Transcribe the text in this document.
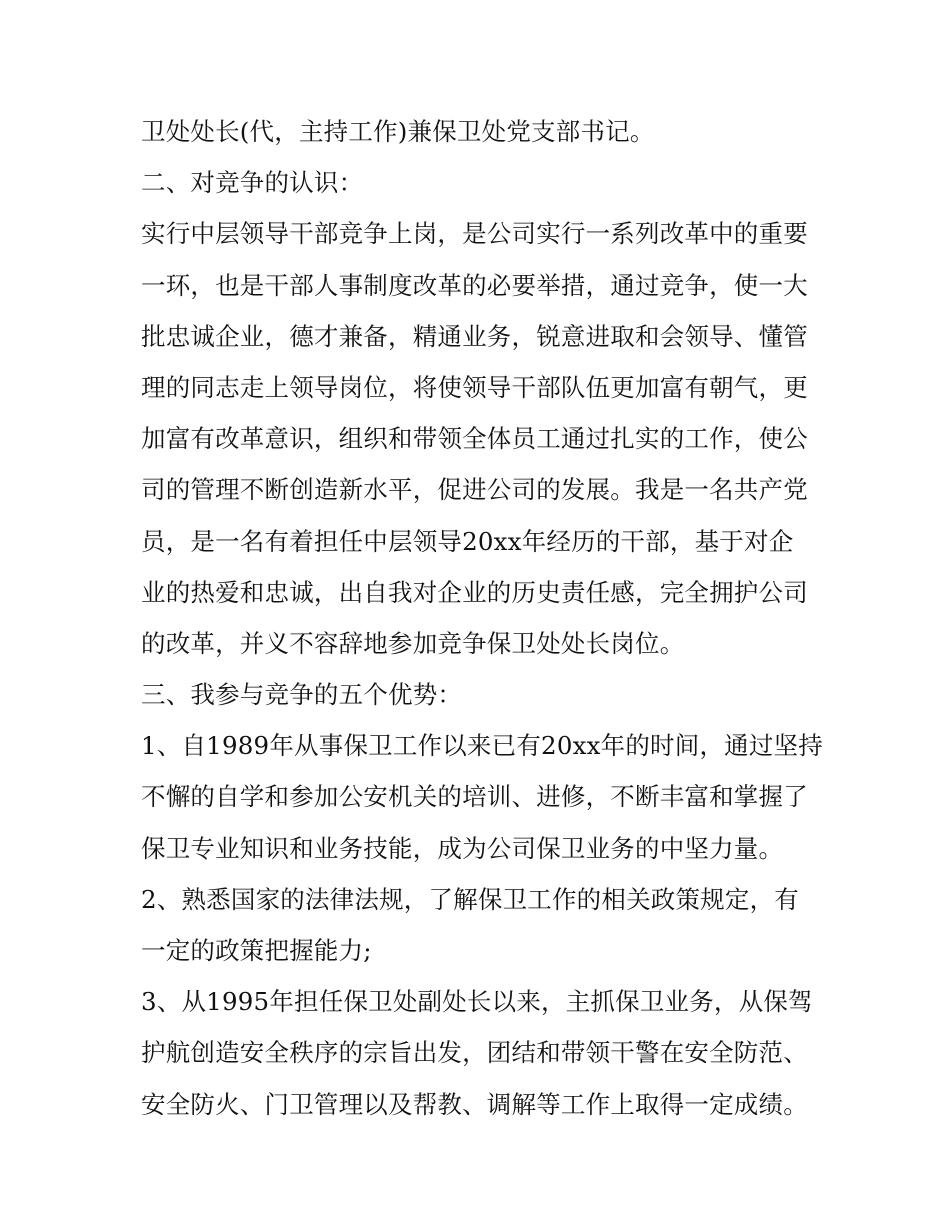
卫处处长(代，主持工作)兼保卫处党支部书记。
二、对竞争的认识：
实行中层领导干部竞争上岗，是公司实行一系列改革中的重要
一环，也是干部人事制度改革的必要举措，通过竞争，使一大
批忠诚企业，德才兼备，精通业务，锐意进取和会领导、懂管
理的同志走上领导岗位，将使领导干部队伍更加富有朝气，更
加富有改革意识，组织和带领全体员工通过扎实的工作，使公
司的管理不断创造新水平，促进公司的发展。我是一名共产党
员，是一名有着担任中层领导20xx年经历的干部，基于对企
业的热爱和忠诚，出自我对企业的历史责任感，完全拥护公司
的改革，并义不容辞地参加竞争保卫处处长岗位。
三、我参与竞争的五个优势：
1、自1989年从事保卫工作以来已有20xx年的时间，通过坚持
不懈的自学和参加公安机关的培训、进修，不断丰富和掌握了
保卫专业知识和业务技能，成为公司保卫业务的中坚力量。
2、熟悉国家的法律法规，了解保卫工作的相关政策规定，有
一定的政策把握能力;
3、从1995年担任保卫处副处长以来，主抓保卫业务，从保驾
护航创造安全秩序的宗旨出发，团结和带领干警在安全防范、
安全防火、门卫管理以及帮教、调解等工作上取得一定成绩。
